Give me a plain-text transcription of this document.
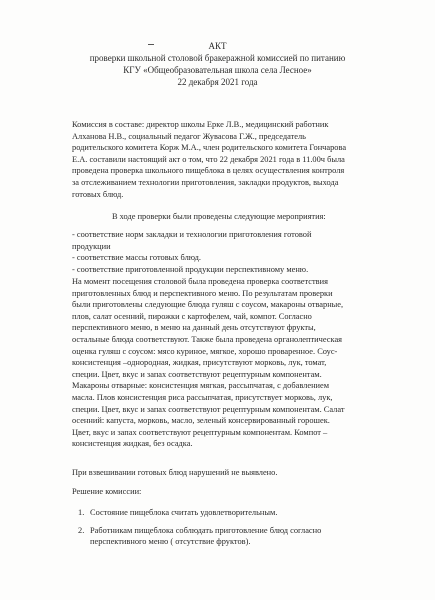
АКТ
проверки школьной столовой бракеражной комиссией по питанию
КГУ «Общеобразовательная школа села Лесное»
22 декабря 2021 года
Комиссия в составе: директор школы Ерке Л.В., медицинский работник
Алханова Н.В., социальный педагог Жувасова Г.Ж., председатель
родительского комитета Корж М.А., член родительского комитета Гончарова
Е.А. составили настоящий акт о том, что 22 декабря 2021 года в 11.00ч была
проведена проверка школьного пищеблока в целях осуществления контроля
за отслеживанием технологии приготовления, закладки продуктов, выхода
готовых блюд.
В ходе проверки были проведены следующие мероприятия:
- соответствие норм закладки и технологии приготовления готовой
продукции
- соответствие массы готовых блюд.
- соответствие приготовленной продукции перспективному меню.
На момент посещения столовой была проведена проверка соответствия
приготовленных блюд и перспективного меню. По результатам проверки
были приготовлены следующие блюда гуляш с соусом, макароны отварные,
плов, салат осенний, пирожки с картофелем, чай, компот. Согласно
перспективного меню, в меню на данный день отсутствуют фрукты,
остальные блюда соответствуют. Также была проведена органолептическая
оценка гуляш с соусом: мясо куриное, мягкое, хорошо проваренное. Соус-
консистенция –однородная, жидкая, присутствуют морковь, лук, томат,
специи. Цвет, вкус и запах соответствуют рецептурным компонентам.
Макароны отварные: консистенция мягкая, рассыпчатая, с добавлением
масла. Плов консистенция риса рассыпчатая, присутствует морковь, лук,
специи. Цвет, вкус и запах соответствуют рецептурным компонентам. Салат
осенний: капуста, морковь, масло, зеленый консервированный горошек.
Цвет, вкус и запах соответствуют рецептурным компонентам. Компот –
консистенция жидкая, без осадка.
При взвешивании готовых блюд нарушений не выявлено.
Решение комиссии:
1. Состояние пищеблока считать удовлетворительным.
2. Работникам пищеблока соблюдать приготовление блюд согласно
перспективного меню ( отсутствие фруктов).
